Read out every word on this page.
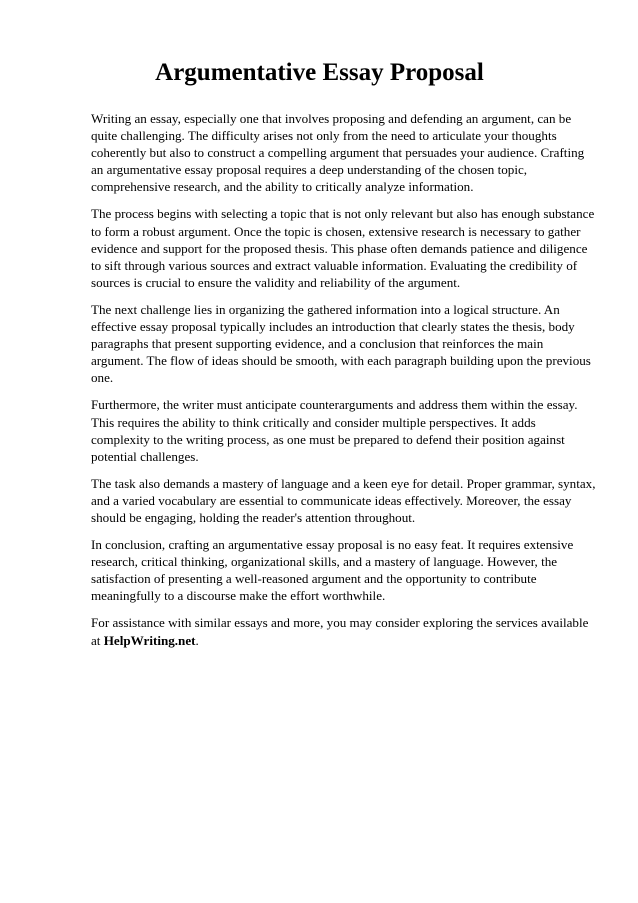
Argumentative Essay Proposal

Writing an essay, especially one that involves proposing and defending an argument, can be quite challenging. The difficulty arises not only from the need to articulate your thoughts coherently but also to construct a compelling argument that persuades your audience. Crafting an argumentative essay proposal requires a deep understanding of the chosen topic, comprehensive research, and the ability to critically analyze information.

The process begins with selecting a topic that is not only relevant but also has enough substance to form a robust argument. Once the topic is chosen, extensive research is necessary to gather evidence and support for the proposed thesis. This phase often demands patience and diligence to sift through various sources and extract valuable information. Evaluating the credibility of sources is crucial to ensure the validity and reliability of the argument.

The next challenge lies in organizing the gathered information into a logical structure. An effective essay proposal typically includes an introduction that clearly states the thesis, body paragraphs that present supporting evidence, and a conclusion that reinforces the main argument. The flow of ideas should be smooth, with each paragraph building upon the previous one.

Furthermore, the writer must anticipate counterarguments and address them within the essay. This requires the ability to think critically and consider multiple perspectives. It adds complexity to the writing process, as one must be prepared to defend their position against potential challenges.

The task also demands a mastery of language and a keen eye for detail. Proper grammar, syntax, and a varied vocabulary are essential to communicate ideas effectively. Moreover, the essay should be engaging, holding the reader's attention throughout.

In conclusion, crafting an argumentative essay proposal is no easy feat. It requires extensive research, critical thinking, organizational skills, and a mastery of language. However, the satisfaction of presenting a well-reasoned argument and the opportunity to contribute meaningfully to a discourse make the effort worthwhile.

For assistance with similar essays and more, you may consider exploring the services available at HelpWriting.net.
